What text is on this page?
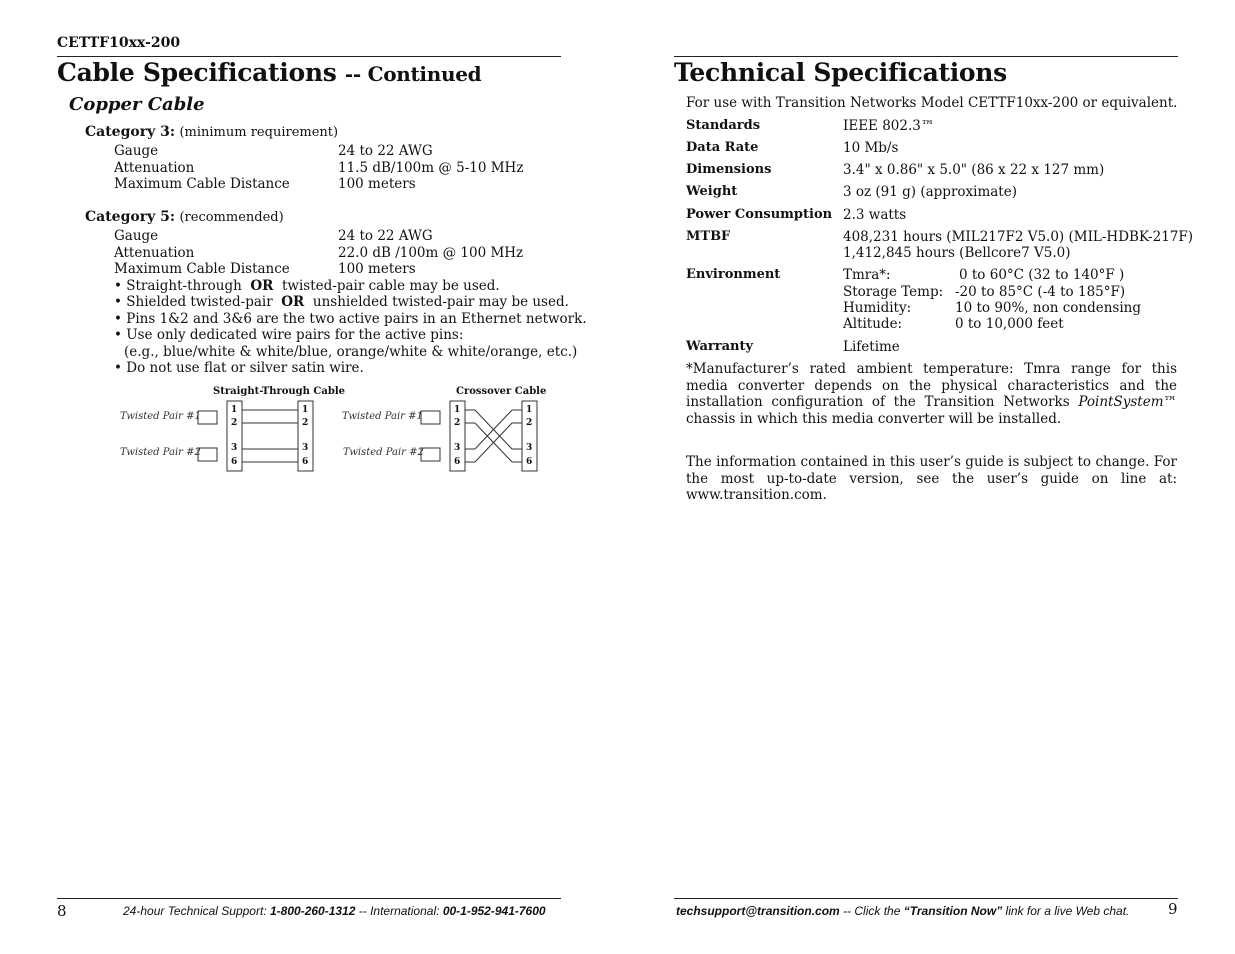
CETTF10xx-200
Cable Specifications -- Continued
Copper Cable
Category 3: (minimum requirement)
Gauge	24 to 22 AWG
Attenuation	11.5 dB/100m @ 5-10 MHz
Maximum Cable Distance	100 meters
Category 5: (recommended)
Gauge	24 to 22 AWG
Attenuation	22.0 dB /100m @ 100 MHz
Maximum Cable Distance	100 meters
• Straight-through OR twisted-pair cable may be used.
• Shielded twisted-pair OR unshielded twisted-pair may be used.
• Pins 1&2 and 3&6 are the two active pairs in an Ethernet network.
• Use only dedicated wire pairs for the active pins:
(e.g., blue/white & white/blue, orange/white & white/orange, etc.)
• Do not use flat or silver satin wire.
Straight-Through Cable	Crossover Cable
Twisted Pair #1
Twisted Pair #2
Twisted Pair #1
Twisted Pair #2
1
2
3
6
1
2
3
6
1
2
3
6
1
2
3
6
8	24-hour Technical Support: 1-800-260-1312 -- International: 00-1-952-941-7600
Technical Specifications
For use with Transition Networks Model CETTF10xx-200 or equivalent.
Standards	IEEE 802.3™
Data Rate	10 Mb/s
Dimensions	3.4" x 0.86" x 5.0" (86 x 22 x 127 mm)
Weight	3 oz (91 g) (approximate)
Power Consumption 2.3 watts
MTBF	408,231 hours (MIL217F2 V5.0) (MIL-HDBK-217F)
1,412,845 hours (Bellcore7 V5.0)
Environment	Tmra*:	0 to 60°C (32 to 140°F )
Storage Temp: -20 to 85°C (-4 to 185°F)
Humidity:	10 to 90%, non condensing
Altitude:	0 to 10,000 feet
Warranty	Lifetime
*Manufacturer’s rated ambient temperature: Tmra range for this media converter depends on the physical characteristics and the installation configuration of the Transition Networks PointSystem™ chassis in which this media converter will be installed.
The information contained in this user’s guide is subject to change. For the most up-to-date version, see the user’s guide on line at: www.transition.com.
techsupport@transition.com -- Click the “Transition Now” link for a live Web chat.	9
